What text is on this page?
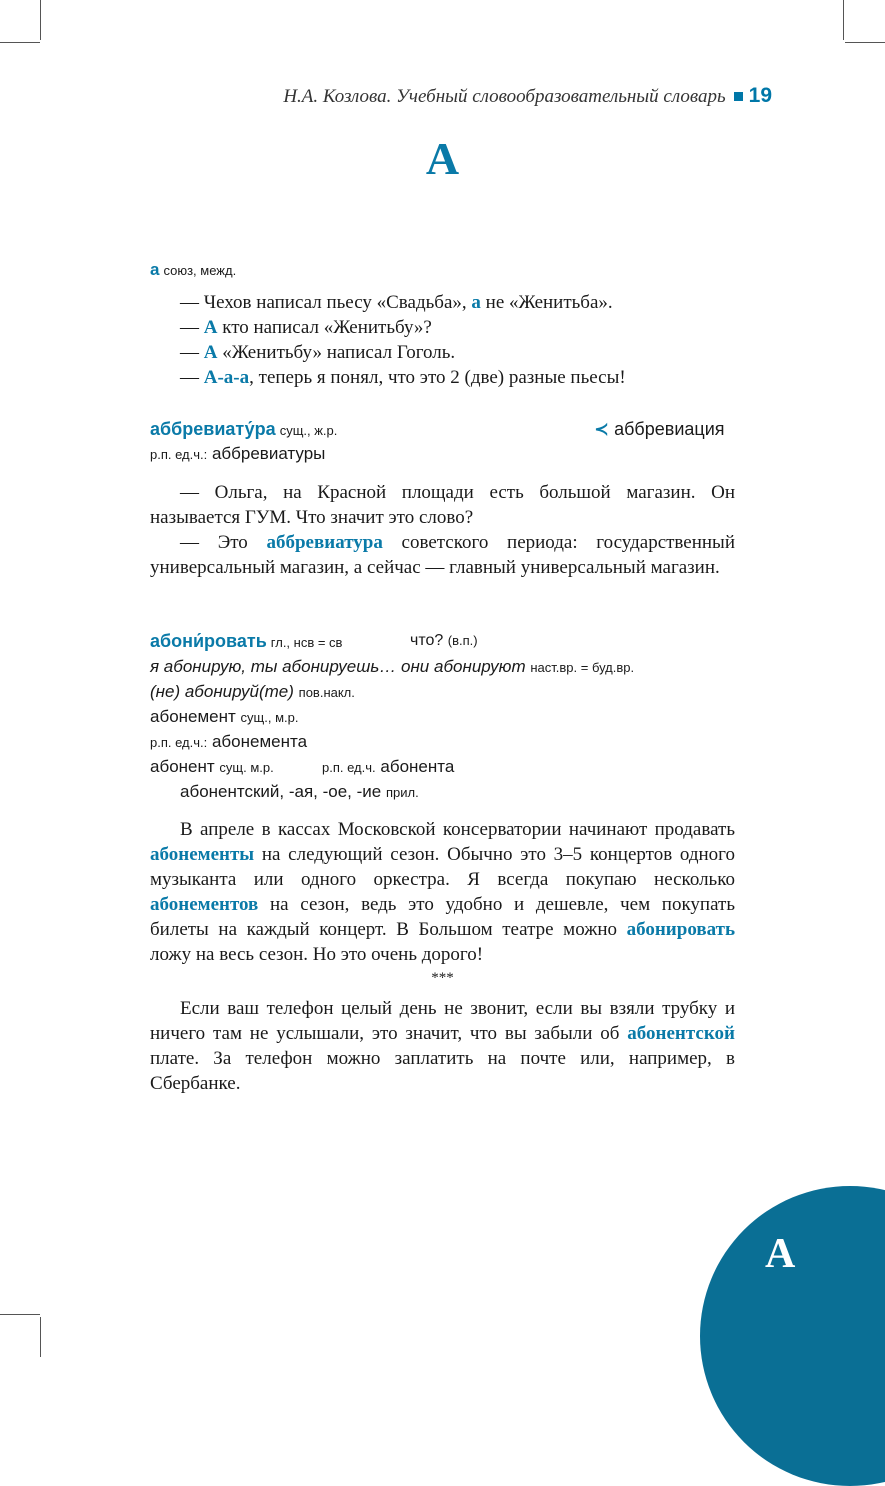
Н.А. Козлова. Учебный словообразовательный словарь 19
А
а союз, межд.
— Чехов написал пьесу «Свадьба», а не «Женитьба».
— А кто написал «Женитьбу»?
— А «Женитьбу» написал Гоголь.
— А-а-а, теперь я понял, что это 2 (две) разные пьесы!
аббревиату́ра сущ., ж.р.	≺ аббревиация
р.п. ед.ч.: аббревиатуры

— Ольга, на Красной площади есть большой магазин. Он называется ГУМ. Что значит это слово?

— Это аббревиатура советского периода: государственный универсальный магазин, а сейчас — главный универсальный магазин.

абони́ровать гл., нсв = св	что? (в.п.)
я абонирую, ты абонируешь… они абонируют наст.вр. = буд.вр.
(не) абонируй(те) пов.накл.
абонемент сущ., м.р.
р.п. ед.ч.: абонемента
абонент сущ. м.р.	р.п. ед.ч. абонента
абонентский, -ая, -ое, -ие прил.

В апреле в кассах Московской консерватории начинают продавать абонементы на следующий сезон. Обычно это 3–5 концертов одного музыканта или одного оркестра. Я всегда покупаю несколько абонементов на сезон, ведь это удобно и дешевле, чем покупать билеты на каждый концерт. В Большом театре можно абонировать ложу на весь сезон. Но это очень дорого!

***

Если ваш телефон целый день не звонит, если вы взяли трубку и ничего там не услышали, это значит, что вы забыли об абонентской плате. За телефон можно заплатить на почте или, например, в Сбербанке.

А
